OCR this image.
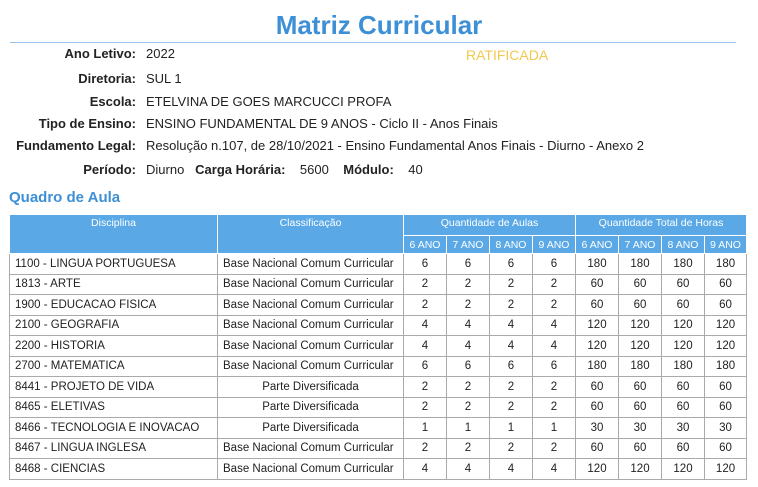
Matriz Curricular
Ano Letivo: 2022	RATIFICADA
Diretoria: SUL 1
Escola: ETELVINA DE GOES MARCUCCI PROFA
Tipo de Ensino: ENSINO FUNDAMENTAL DE 9 ANOS - Ciclo II - Anos Finais
Fundamento Legal: Resolução n.107, de 28/10/2021 - Ensino Fundamental Anos Finais - Diurno - Anexo 2
Período: Diurno Carga Horária: 5600 Módulo: 40
Quadro de Aula
Disciplina	Classificação	Quantidade de Aulas				Quantidade Total de Horas			
		6 ANO	7 ANO	8 ANO	9 ANO	6 ANO	7 ANO	8 ANO	9 ANO
1100 - LINGUA PORTUGUESA	Base Nacional Comum Curricular	6	6	6	6	180	180	180	180
1813 - ARTE	Base Nacional Comum Curricular	2	2	2	2	60	60	60	60
1900 - EDUCACAO FISICA	Base Nacional Comum Curricular	2	2	2	2	60	60	60	60
2100 - GEOGRAFIA	Base Nacional Comum Curricular	4	4	4	4	120	120	120	120
2200 - HISTORIA	Base Nacional Comum Curricular	4	4	4	4	120	120	120	120
2700 - MATEMATICA	Base Nacional Comum Curricular	6	6	6	6	180	180	180	180
8441 - PROJETO DE VIDA	Parte Diversificada	2	2	2	2	60	60	60	60
8465 - ELETIVAS	Parte Diversificada	2	2	2	2	60	60	60	60
8466 - TECNOLOGIA E INOVACAO	Parte Diversificada	1	1	1	1	30	30	30	30
8467 - LINGUA INGLESA	Base Nacional Comum Curricular	2	2	2	2	60	60	60	60
8468 - CIENCIAS	Base Nacional Comum Curricular	4	4	4	4	120	120	120	120
